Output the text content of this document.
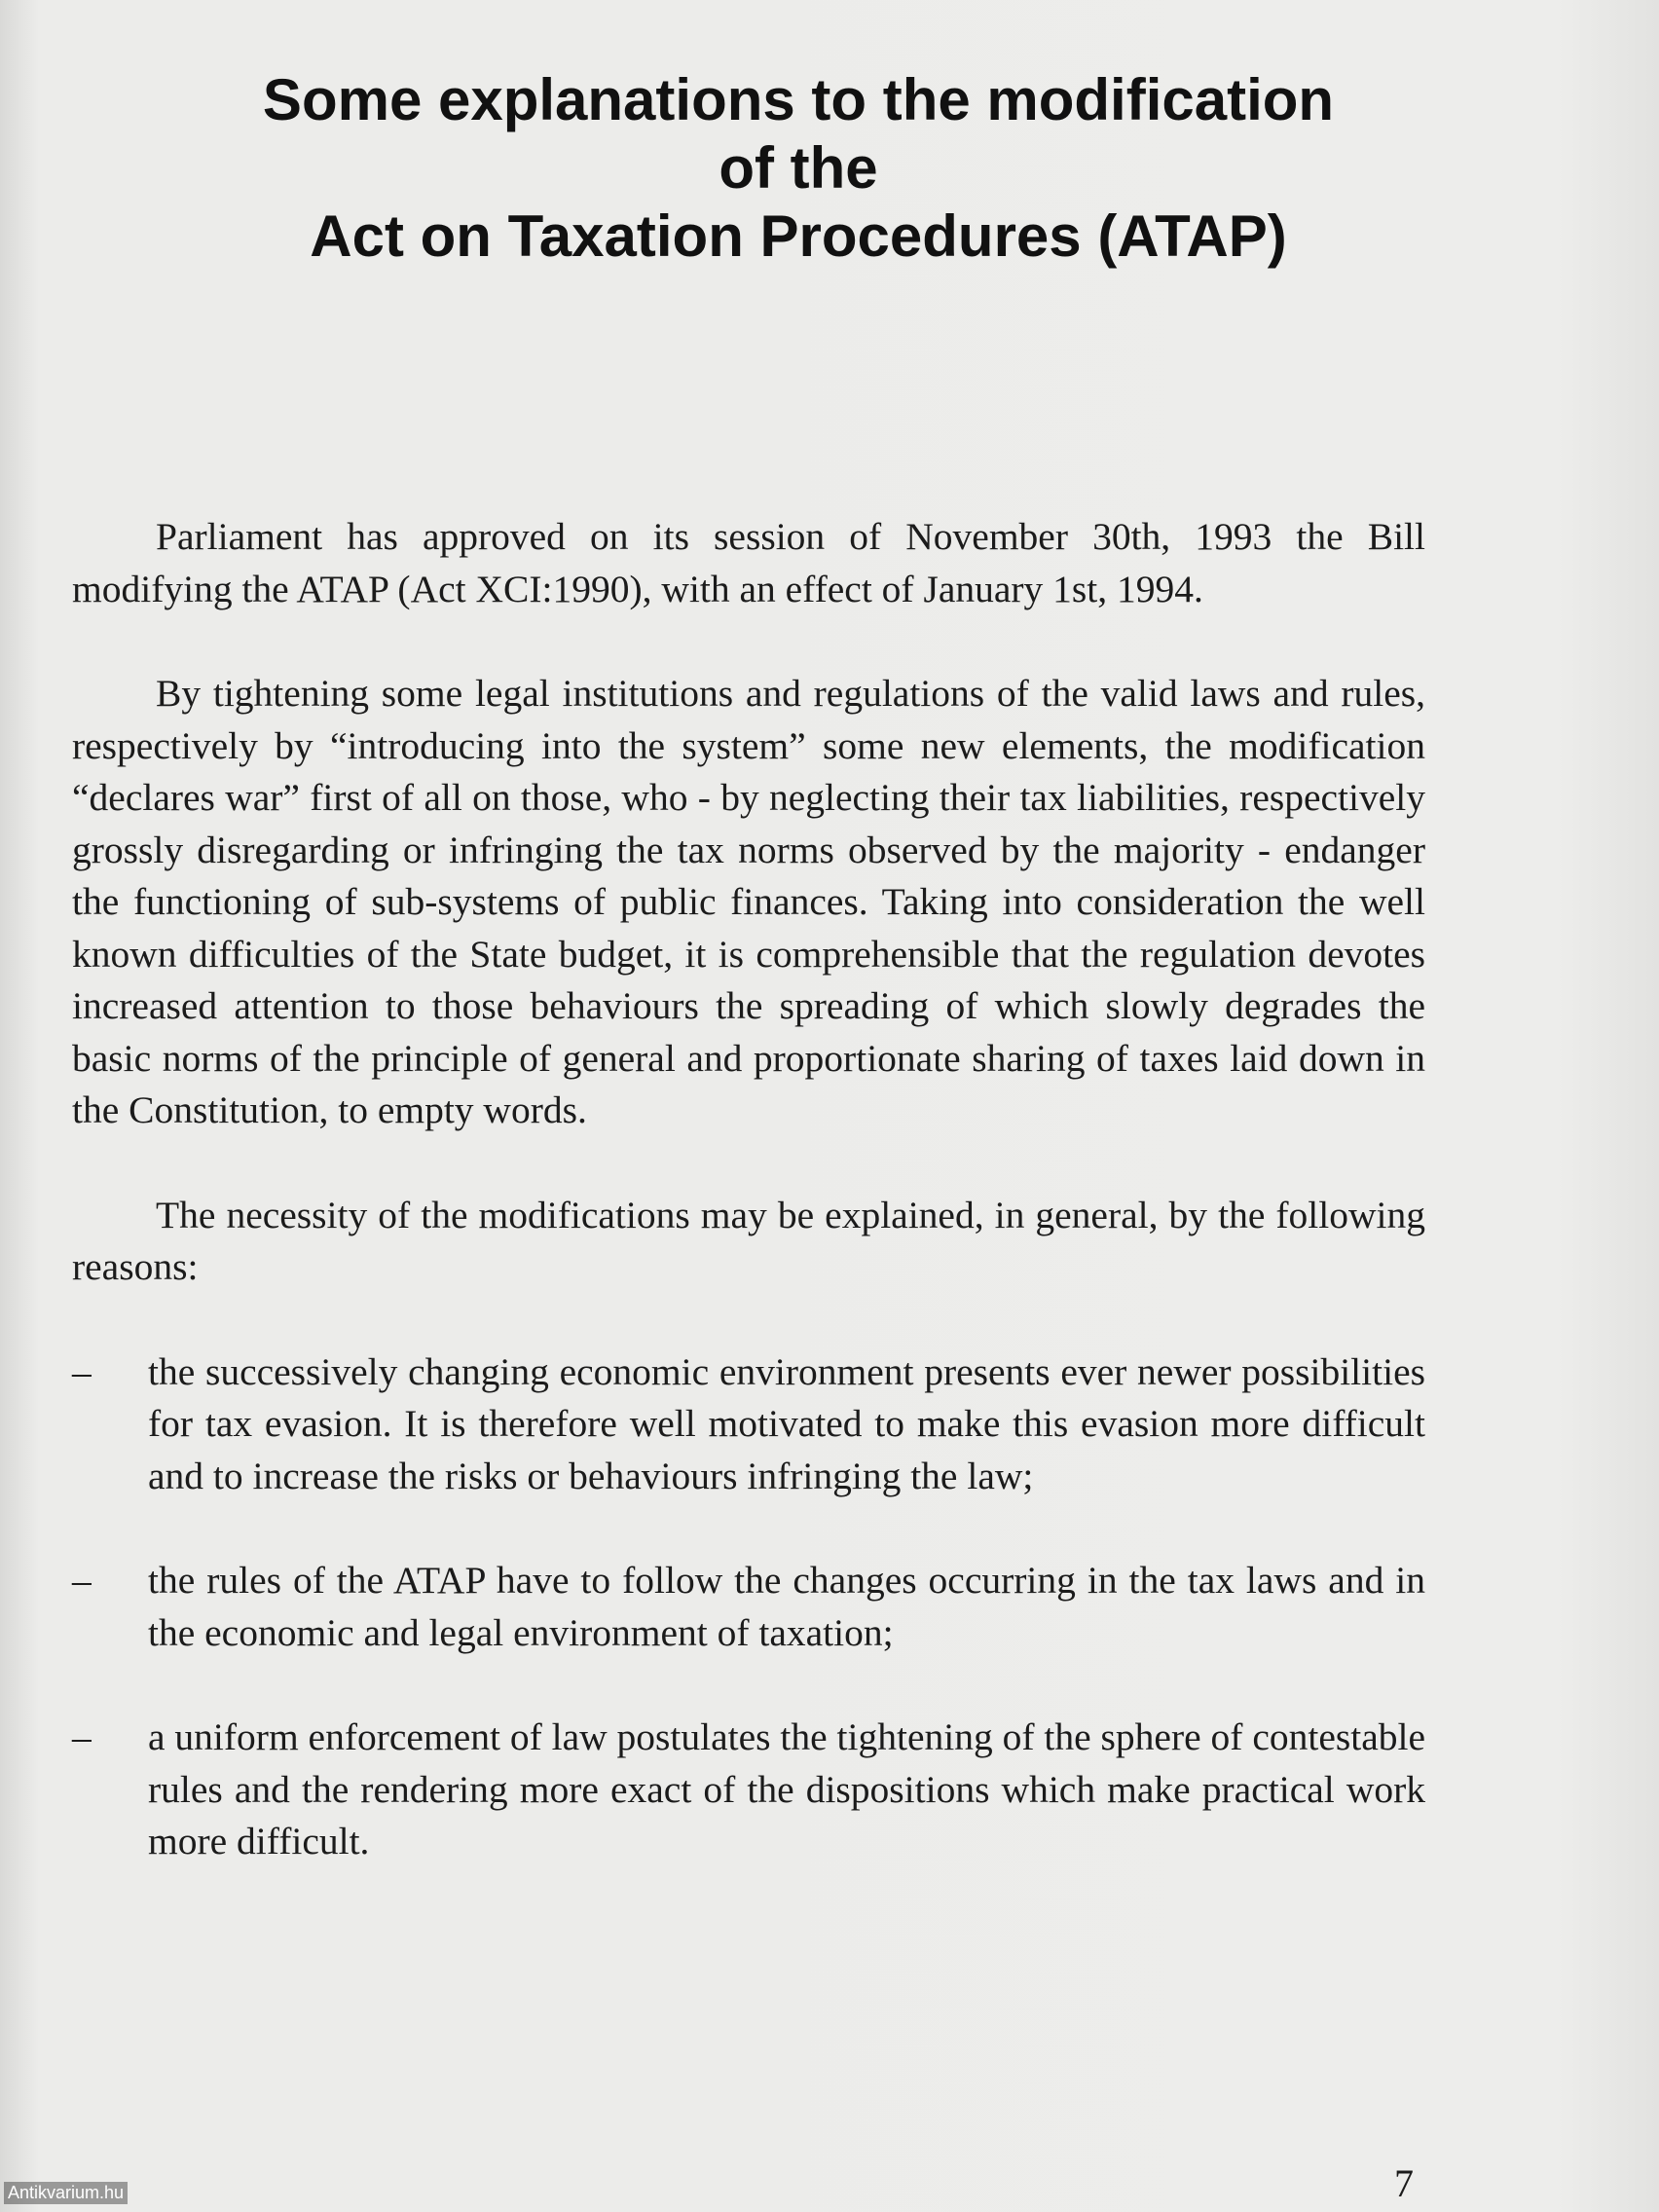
Some explanations to the modification
of the
Act on Taxation Procedures (ATAP)

Parliament has approved on its session of November 30th, 1993 the Bill modifying the ATAP (Act XCI:1990), with an effect of January 1st, 1994.

By tightening some legal institutions and regulations of the valid laws and rules, respectively by “introducing into the system” some new elements, the modification “declares war” first of all on those, who - by neglecting their tax liabilities, respectively grossly disregarding or infringing the tax norms observed by the majority - endanger the functioning of sub-systems of public finances. Taking into consideration the well known difficulties of the State budget, it is comprehensible that the regulation devotes increased attention to those behaviours the spreading of which slowly degrades the basic norms of the principle of general and proportionate sharing of taxes laid down in the Constitution, to empty words.

The necessity of the modifications may be explained, in general, by the following reasons:

– the successively changing economic environment presents ever newer possibilities for tax evasion. It is therefore well motivated to make this evasion more difficult and to increase the risks or behaviours infringing the law;
– the rules of the ATAP have to follow the changes occurring in the tax laws and in the economic and legal environment of taxation;
– a uniform enforcement of law postulates the tightening of the sphere of contestable rules and the rendering more exact of the dispositions which make practical work more difficult.
7
Antikvarium.hu
